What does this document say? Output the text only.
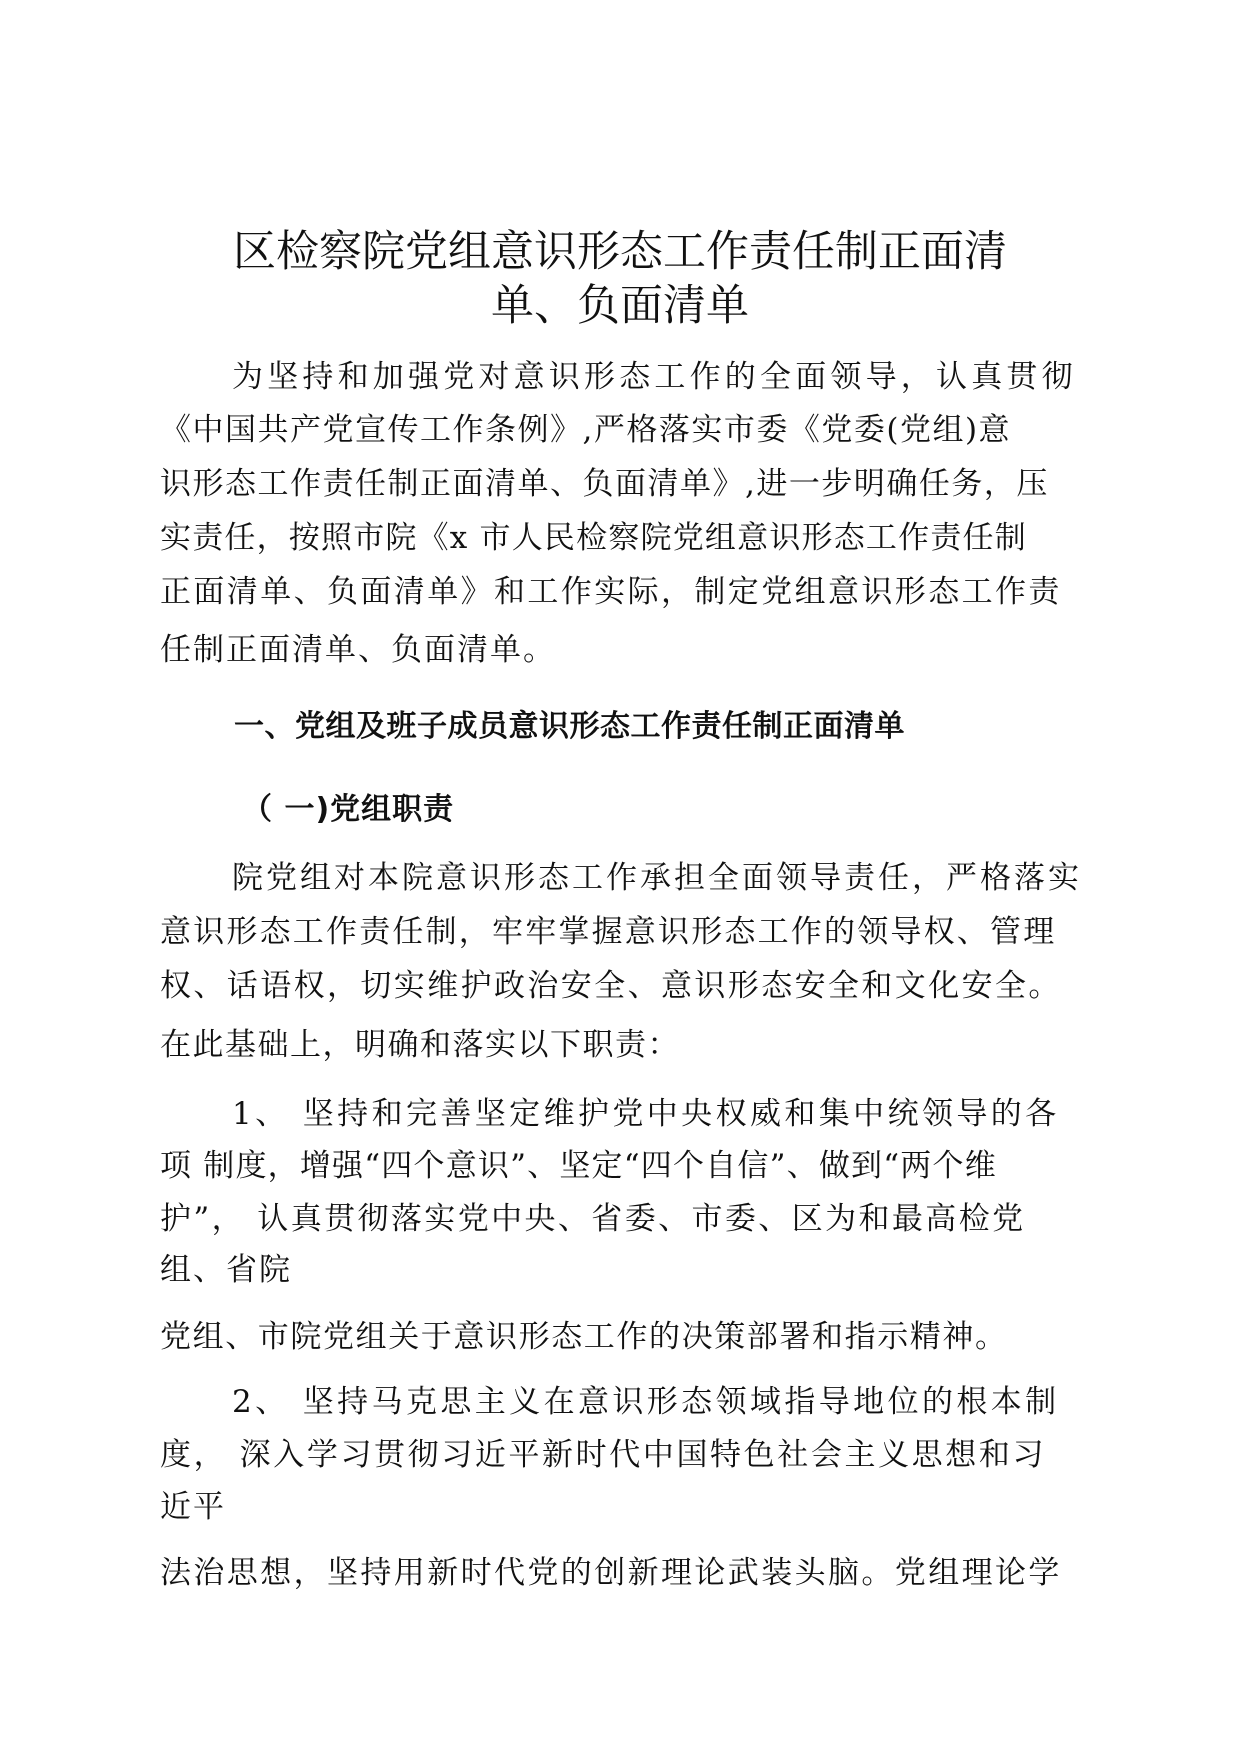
区检察院党组意识形态工作责任制正面清
单、负面清单
为坚持和加强党对意识形态工作的全面领导，认真贯彻
《中国共产党宣传工作条例》,严格落实市委《党委(党组)意
识形态工作责任制正面清单、负面清单》,进一步明确任务，压
实责任，按照市院《x 市人民检察院党组意识形态工作责任制
正面清单、负面清单》和工作实际，制定党组意识形态工作责
任制正面清单、负面清单。
一、党组及班子成员意识形态工作责任制正面清单
（ 一)党组职责
院党组对本院意识形态工作承担全面领导责任，严格落实
意识形态工作责任制，牢牢掌握意识形态工作的领导权、管理
权、话语权，切实维护政治安全、意识形态安全和文化安全。
在此基础上，明确和落实以下职责：
1、 坚持和完善坚定维护党中央权威和集中统领导的各
项 制度，增强“四个意识”、坚定“四个自信”、做到“两个维
护”， 认真贯彻落实党中央、省委、市委、区为和最高检党
组、省院
党组、市院党组关于意识形态工作的决策部署和指示精神。
2、 坚持马克思主义在意识形态领域指导地位的根本制
度， 深入学习贯彻习近平新时代中国特色社会主义思想和习
近平
法治思想，坚持用新时代党的创新理论武装头脑。党组理论学
